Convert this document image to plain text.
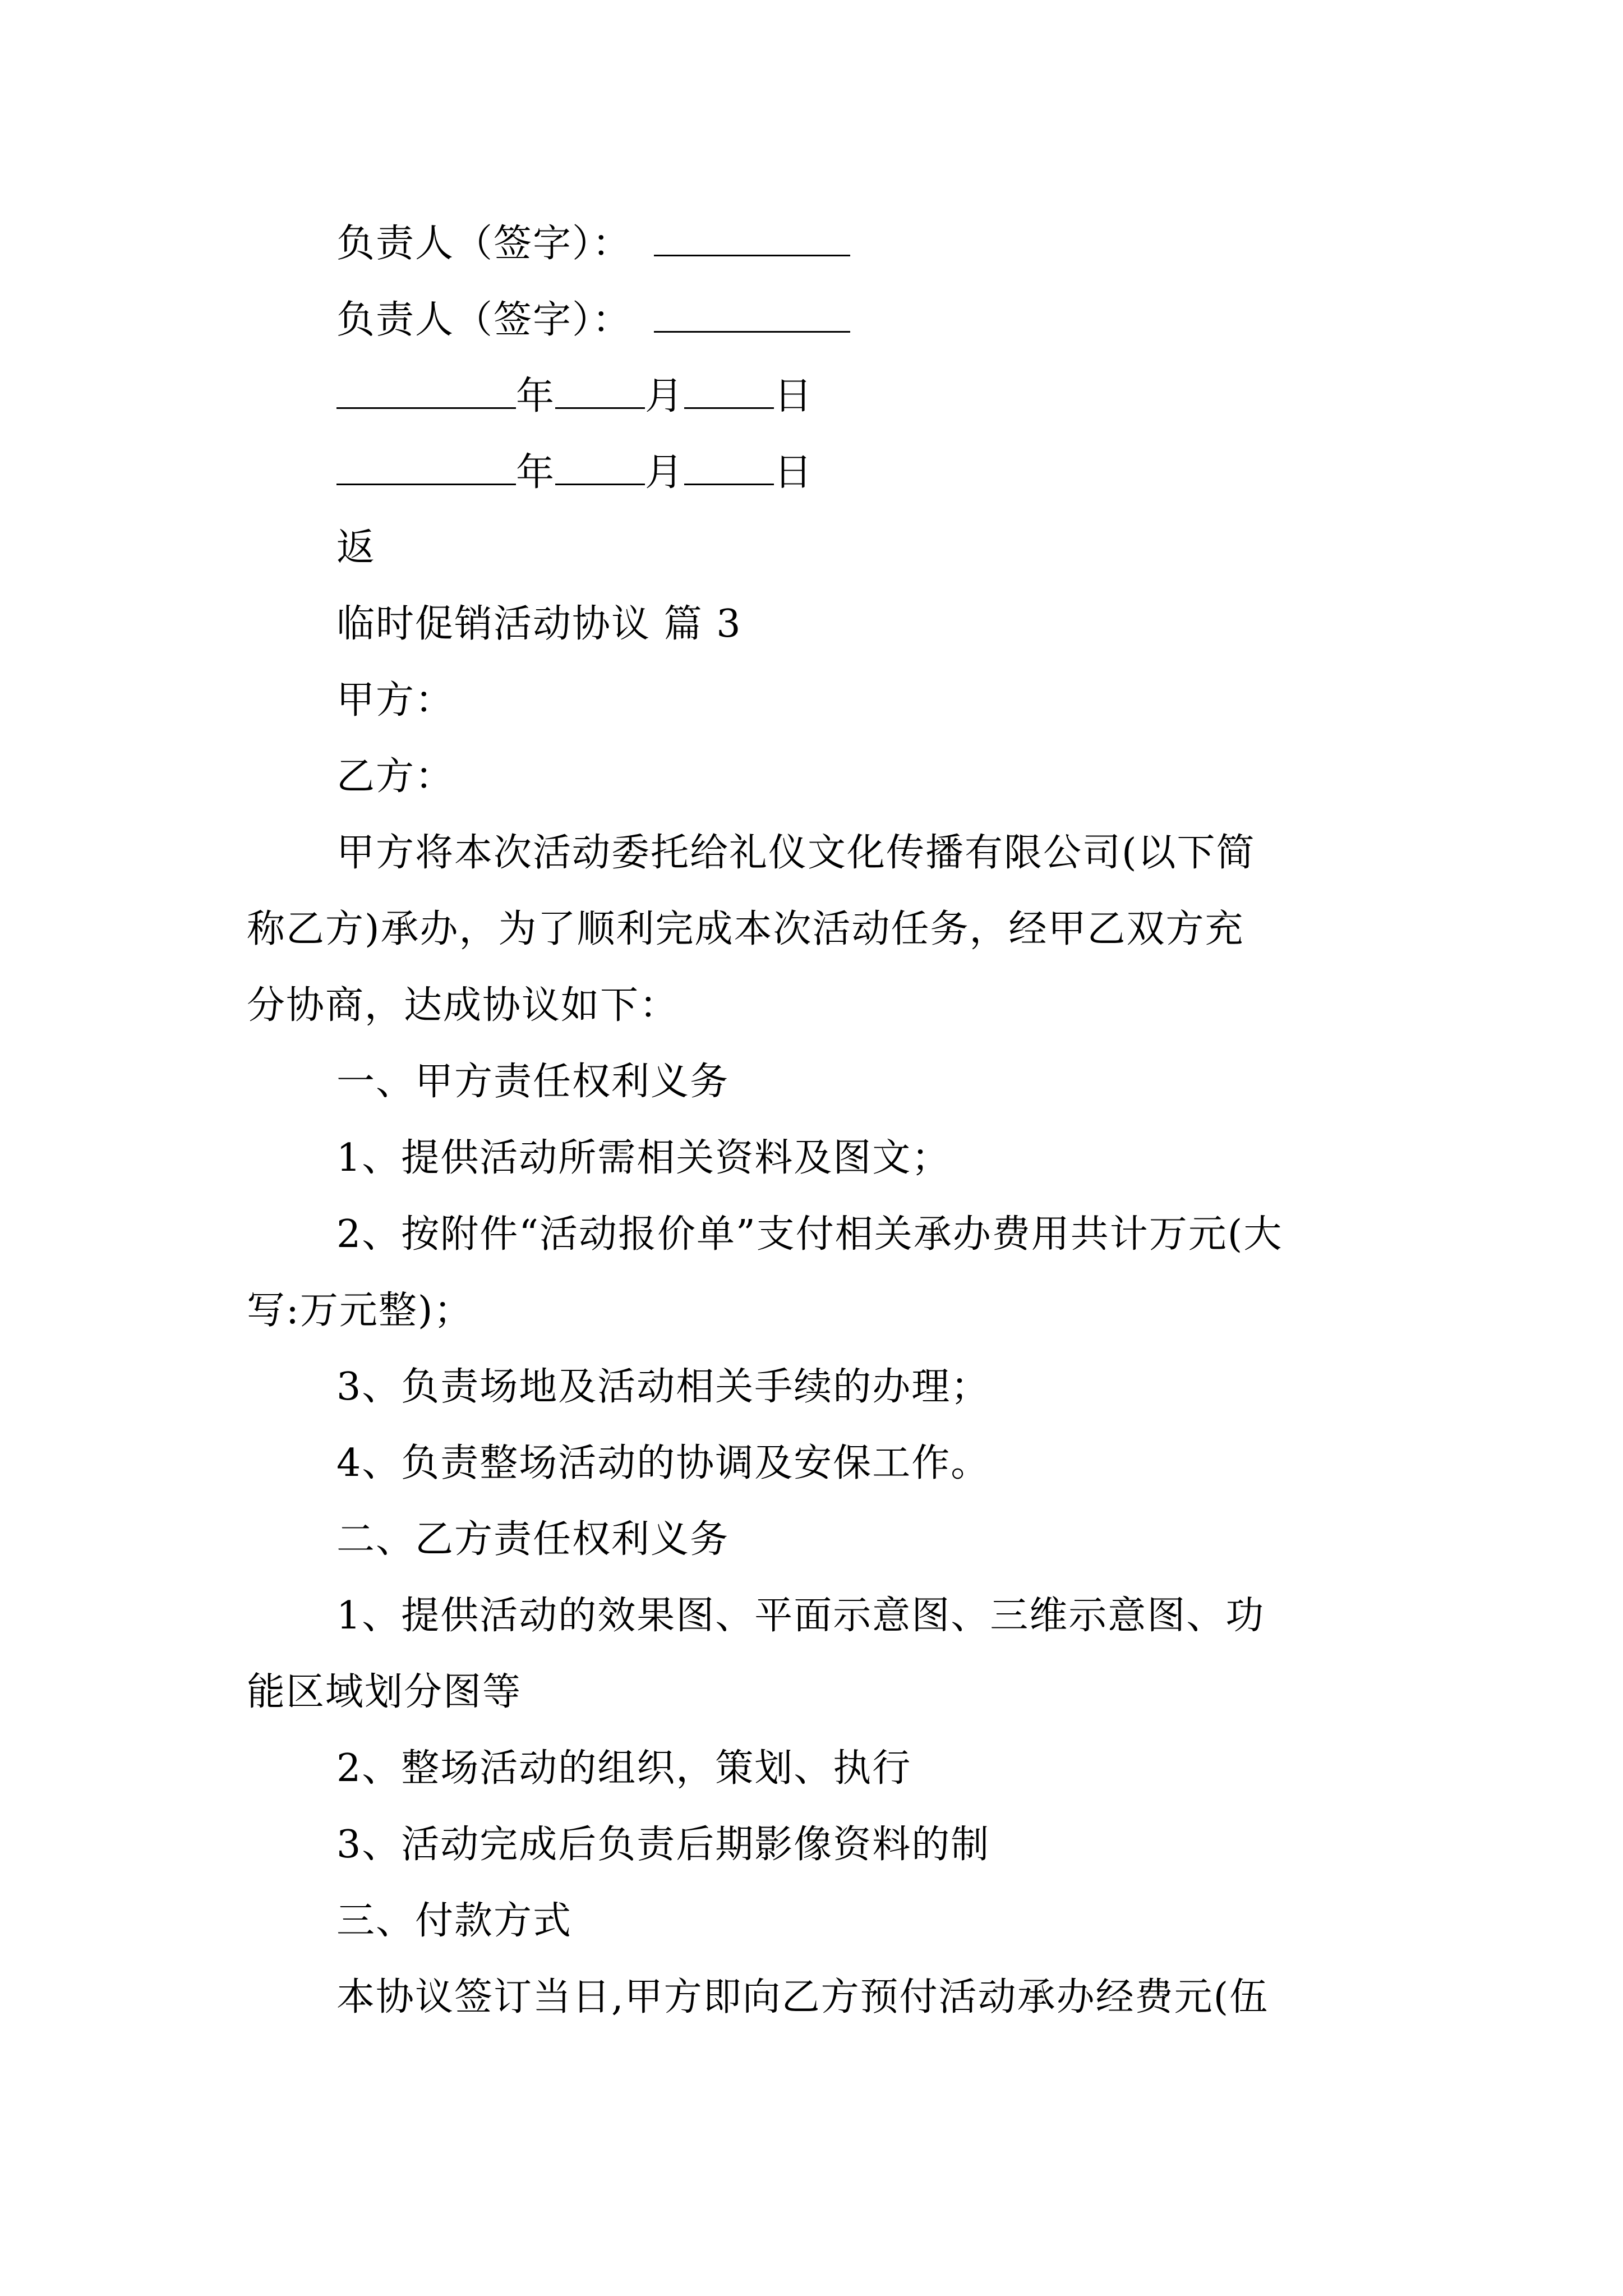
负责人（签字）：
负责人（签字）：
年 月 日
年 月 日
返
临时促销活动协议 篇 3
甲方：
乙方：
甲方将本次活动委托给礼仪文化传播有限公司(以下简
称乙方)承办，为了顺利完成本次活动任务，经甲乙双方充
分协商，达成协议如下：
一、甲方责任权利义务
1、提供活动所需相关资料及图文；
2、按附件“活动报价单”支付相关承办费用共计万元(大
写:万元整)；
3、负责场地及活动相关手续的办理；
4、负责整场活动的协调及安保工作。
二、乙方责任权利义务
1、提供活动的效果图、平面示意图、三维示意图、功
能区域划分图等
2、整场活动的组织，策划、执行
3、活动完成后负责后期影像资料的制
三、付款方式
本协议签订当日,甲方即向乙方预付活动承办经费元(伍
